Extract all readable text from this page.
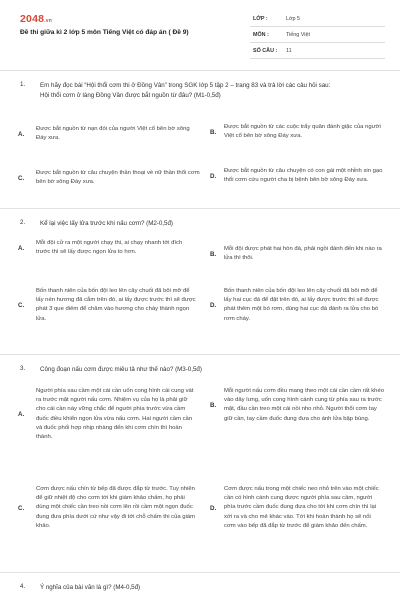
2048.vn
Đề thi giữa kì 2 lớp 5 môn Tiếng Việt có đáp án ( Đề 9)
LỚP :	Lớp 5
MÔN :	Tiếng Việt
SỐ CÂU :	11
1.	Em hãy đọc bài “Hội thổi cơm thi ở Đồng Vân” trong SGK lớp 5 tập 2 – trang 83 và trả lời các câu hỏi sau:
Hội thổi cơm ở làng Đồng Vân được bắt nguồn từ đâu? (M1-0,5đ)
A.
Được bắt nguồn từ nạn đói của người Việt cổ bên bờ sông Đáy xưa.
B.
Được bắt nguồn từ các cuộc trẩy quân đánh giặc của người Việt cổ bên bờ sông Đáy xưa.
C.
Được bắt nguồn từ câu chuyện thần thoại về nữ thần thổi cơm bên bờ sông Đáy xưa.
D.
Được bắt nguồn từ câu chuyện có con gái một nhỉnh xin gạo thổi cơm cứu người cha bị bệnh bên bờ sông Đáy xưa.
2.	Kể lại việc lấy lửa trước khi nấu cơm? (M2-0,5đ)
A.
Mỗi đội cử ra một người chạy thi, ai chạy nhanh tới đích trước thì sẽ lấy được ngọn lửa to hơn.	B.
Mỗi đội được phát hai hòn đá, phải ngồi đánh đến khi nào ra lửa thì thôi.
C.
Bốn thanh niên của bốn đội leo lên cây chuối đã bôi mỡ để lấy nén hương đã cắm trên đó, ai lấy được trước thì sẽ được phát 3 que diêm để châm vào hương cho cháy thành ngọn lửa.
D.
Bốn thanh niên của bốn đội leo lên cây chuối đã bôi mỡ để lấy hai cục đá để đặt trên đó, ai lấy được trước thì sẽ được phát thêm một bó rơm, dùng hai cục đá đánh ra lửa cho bó rơm cháy.
3.	Công đoạn nấu cơm được miêu tả như thế nào? (M3-0,5đ)
A.
Người phía sau cầm một cái cần uốn cong hình cái cung vát ra trước mặt người nấu cơm. Nhiệm vụ của họ là phải giữ cho cái cần này vững chắc để người phía trước vừa cầm đuốc điều khiển ngọn lửa vừa nấu cơm. Hai người cầm cần và đuốc phối hợp nhịp nhàng đến khi cơm chín thì hoàn thành.
B.
Mỗi người nấu cơm đều mang theo một cái cần cầm rất khéo vào dây lưng, uốn cong hình cánh cung từ phía sau ra trước mặt, đầu cần treo một cái nồi nho nhỏ. Người thổi cơm tay giữ cần, tay cầm đuốc đung đưa cho ánh lửa bập bùng.
C.
Cơm được nấu chín từ bếp đã được đắp từ trước. Tuy nhiên để giữ nhiệt độ cho cơm tới khi giám khảo chấm, họ phải dùng một chiếc cần treo nồi cơm lên rồi cầm một ngọn đuốc đung đưa phía dưới cứ như vậy đi tới chỗ chấm thi của giám khảo.
D.
Cơm được nấu trong một chiếc neo nhỏ trên vào một chiếc cần có hình cánh cung được người phía sau cầm, người phía trước cầm đuốc đung đưa cho tới khi cơm chín thì lại xới ra và cho mẻ khác vào. Tới khi hoàn thành họ sẽ nối cơm vào bếp đã đắp từ trước để giám khảo đến chấm.
4.	Ý nghĩa của bài văn là gì? (M4-0,5đ)
